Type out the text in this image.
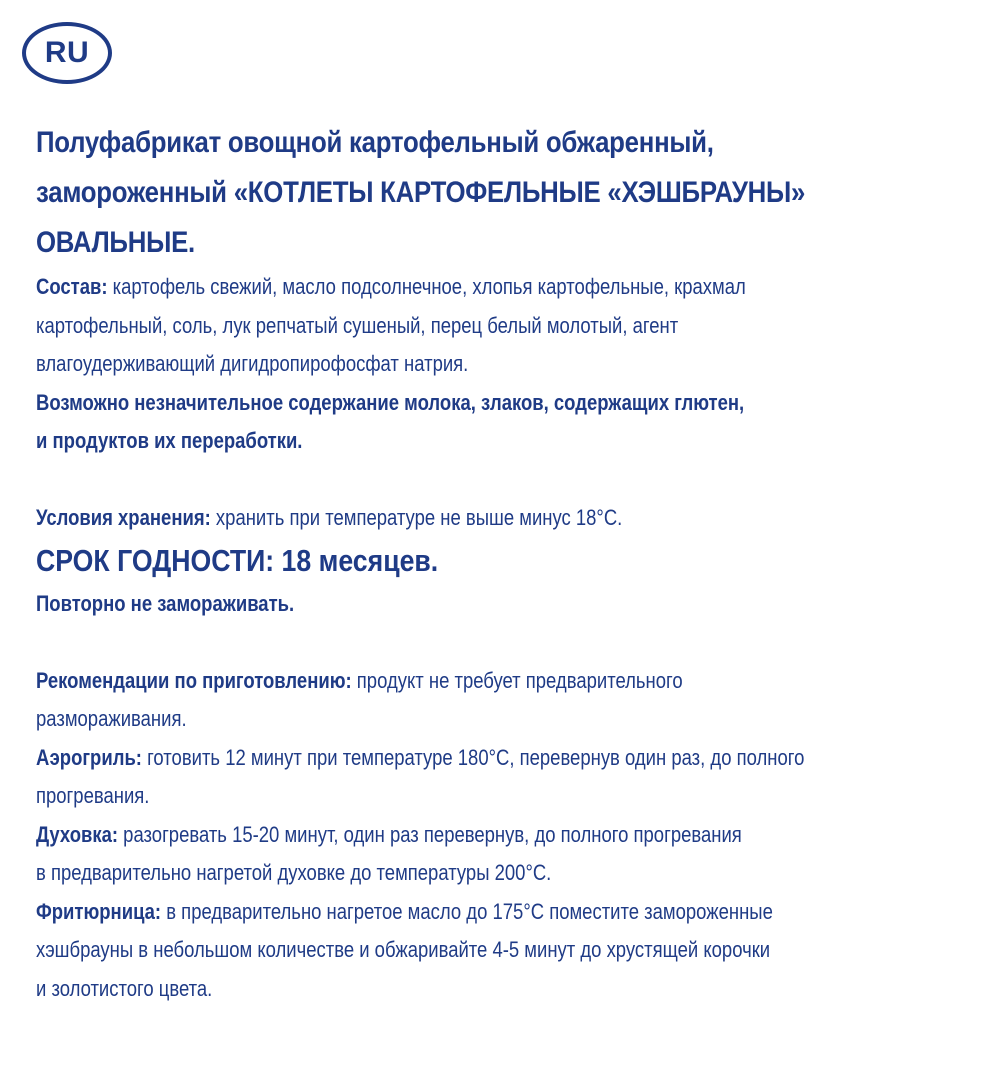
RU
Полуфабрикат овощной картофельный обжаренный,
замороженный «КОТЛЕТЫ КАРТОФЕЛЬНЫЕ «ХЭШБРАУНЫ»
ОВАЛЬНЫЕ.
Состав: картофель свежий, масло подсолнечное, хлопья картофельные, крахмал
картофельный, соль, лук репчатый сушеный, перец белый молотый, агент
влагоудерживающий дигидропирофосфат натрия.
Возможно незначительное содержание молока, злаков, содержащих глютен,
и продуктов их переработки.
Условия хранения: хранить при температуре не выше минус 18°С.
СРОК ГОДНОСТИ: 18 месяцев.
Повторно не замораживать.
Рекомендации по приготовлению: продукт не требует предварительного
размораживания.
Аэрогриль: готовить 12 минут при температуре 180°С, перевернув один раз, до полного
прогревания.
Духовка: разогревать 15-20 минут, один раз перевернув, до полного прогревания
в предварительно нагретой духовке до температуры 200°С.
Фритюрница: в предварительно нагретое масло до 175°С поместите замороженные
хэшбрауны в небольшом количестве и обжаривайте 4-5 минут до хрустящей корочки
и золотистого цвета.
